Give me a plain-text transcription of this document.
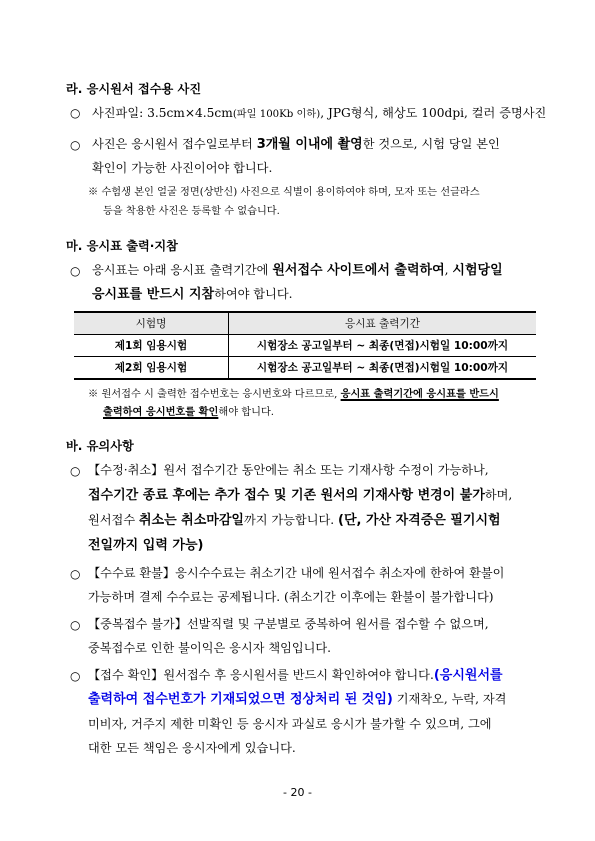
라. 응시원서 접수용 사진
○ 사진파일: 3.5cm×4.5cm(파일 100Kb 이하), JPG형식, 해상도 100dpi, 컬러 증명사진
○ 사진은 응시원서 접수일로부터 3개월 이내에 촬영한 것으로, 시험 당일 본인
확인이 가능한 사진이어야 합니다.
※ 수험생 본인 얼굴 정면(상반신) 사진으로 식별이 용이하여야 하며, 모자 또는 선글라스
등을 착용한 사진은 등록할 수 없습니다.
마. 응시표 출력·지참
○ 응시표는 아래 응시표 출력기간에 원서접수 사이트에서 출력하여, 시험당일
응시표를 반드시 지참하여야 합니다.
시험명	응시표 출력기간
제1회 임용시험	시험장소 공고일부터 ~ 최종(면접)시험일 10:00까지
제2회 임용시험	시험장소 공고일부터 ~ 최종(면접)시험일 10:00까지
※ 원서접수 시 출력한 접수번호는 응시번호와 다르므로, 응시표 출력기간에 응시표를 반드시
출력하여 응시번호를 확인해야 합니다.
바. 유의사항
○ 【수정·취소】원서 접수기간 동안에는 취소 또는 기재사항 수정이 가능하나,
접수기간 종료 후에는 추가 접수 및 기존 원서의 기재사항 변경이 불가하며,
원서접수 취소는 취소마감일까지 가능합니다. (단, 가산 자격증은 필기시험
전일까지 입력 가능)
○ 【수수료 환불】응시수수료는 취소기간 내에 원서접수 취소자에 한하여 환불이
가능하며 결제 수수료는 공제됩니다. (취소기간 이후에는 환불이 불가합니다)
○ 【중복접수 불가】선발직렬 및 구분별로 중복하여 원서를 접수할 수 없으며,
중복접수로 인한 불이익은 응시자 책임입니다.
○ 【접수 확인】원서접수 후 응시원서를 반드시 확인하여야 합니다.(응시원서를
출력하여 접수번호가 기재되었으면 정상처리 된 것임) 기재착오, 누락, 자격
미비자, 거주지 제한 미확인 등 응시자 과실로 응시가 불가할 수 있으며, 그에
대한 모든 책임은 응시자에게 있습니다.
- 20 -
